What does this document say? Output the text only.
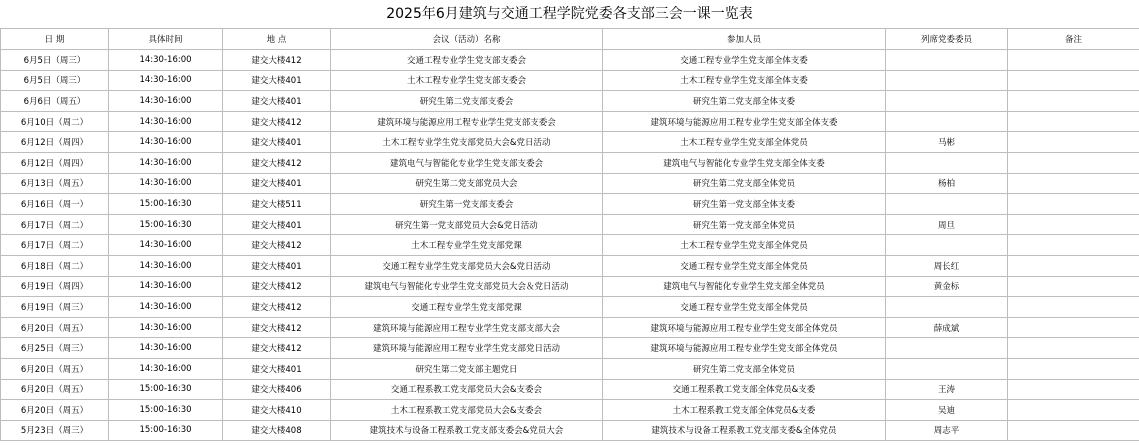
2025年6月建筑与交通工程学院党委各支部三会一课一览表
日 期	具体时间	地 点	会议（活动）名称	参加人员	列席党委委员	备注
6月5日（周三）	14:30-16:00	建交大楼412	交通工程专业学生党支部支委会	交通工程专业学生党支部全体支委		
6月5日（周三）	14:30-16:00	建交大楼401	土木工程专业学生党支部支委会	土木工程专业学生党支部全体支委		
6月6日（周五）	14:30-16:00	建交大楼401	研究生第二党支部支委会	研究生第二党支部全体支委		
6月10日（周二）	14:30-16:00	建交大楼412	建筑环境与能源应用工程专业学生党支部支委会	建筑环境与能源应用工程专业学生党支部全体支委		
6月12日（周四）	14:30-16:00	建交大楼401	土木工程专业学生党支部党员大会&党日活动	土木工程专业学生党支部全体党员	马彬	
6月12日（周四）	14:30-16:00	建交大楼412	建筑电气与智能化专业学生党支部支委会	建筑电气与智能化专业学生党支部全体支委		
6月13日（周五）	14:30-16:00	建交大楼401	研究生第二党支部党员大会	研究生第二党支部全体党员	杨柏	
6月16日（周一）	15:00-16:30	建交大楼511	研究生第一党支部支委会	研究生第一党支部全体支委		
6月17日（周二）	15:00-16:30	建交大楼401	研究生第一党支部党员大会&党日活动	研究生第一党支部全体党员	周旦	
6月17日（周二）	14:30-16:00	建交大楼412	土木工程专业学生党支部党课	土木工程专业学生党支部全体党员		
6月18日（周二）	14:30-16:00	建交大楼401	交通工程专业学生党支部党员大会&党日活动	交通工程专业学生党支部全体党员	周长红	
6月19日（周四）	14:30-16:00	建交大楼412	建筑电气与智能化专业学生党支部党员大会＆党日活动	建筑电气与智能化专业学生党支部全体党员	黄金标	
6月19日（周三）	14:30-16:00	建交大楼412	交通工程专业学生党支部党课	交通工程专业学生党支部全体党员		
6月20日（周五）	14:30-16:00	建交大楼412	建筑环境与能源应用工程专业学生党支部支部大会	建筑环境与能源应用工程专业学生党支部全体党员	薛成斌	
6月25日（周三）	14:30-16:00	建交大楼412	建筑环境与能源应用工程专业学生党支部党日活动	建筑环境与能源应用工程专业学生党支部全体党员		
6月20日（周五）	14:30-16:00	建交大楼401	研究生第二党支部主题党日	研究生第二党支部全体党员		
6月20日（周五）	15:00-16:30	建交大楼406	交通工程系教工党支部党员大会&支委会	交通工程系教工党支部全体党员&支委	王涛	
6月20日（周五）	15:00-16:30	建交大楼410	土木工程系教工党支部党员大会&支委会	土木工程系教工党支部全体党员&支委	吴迪	
5月23日（周三）	15:00-16:30	建交大楼408	建筑技术与设备工程系教工党支部支委会&党员大会	建筑技术与设备工程系教工党支部支委&全体党员	周志平	
